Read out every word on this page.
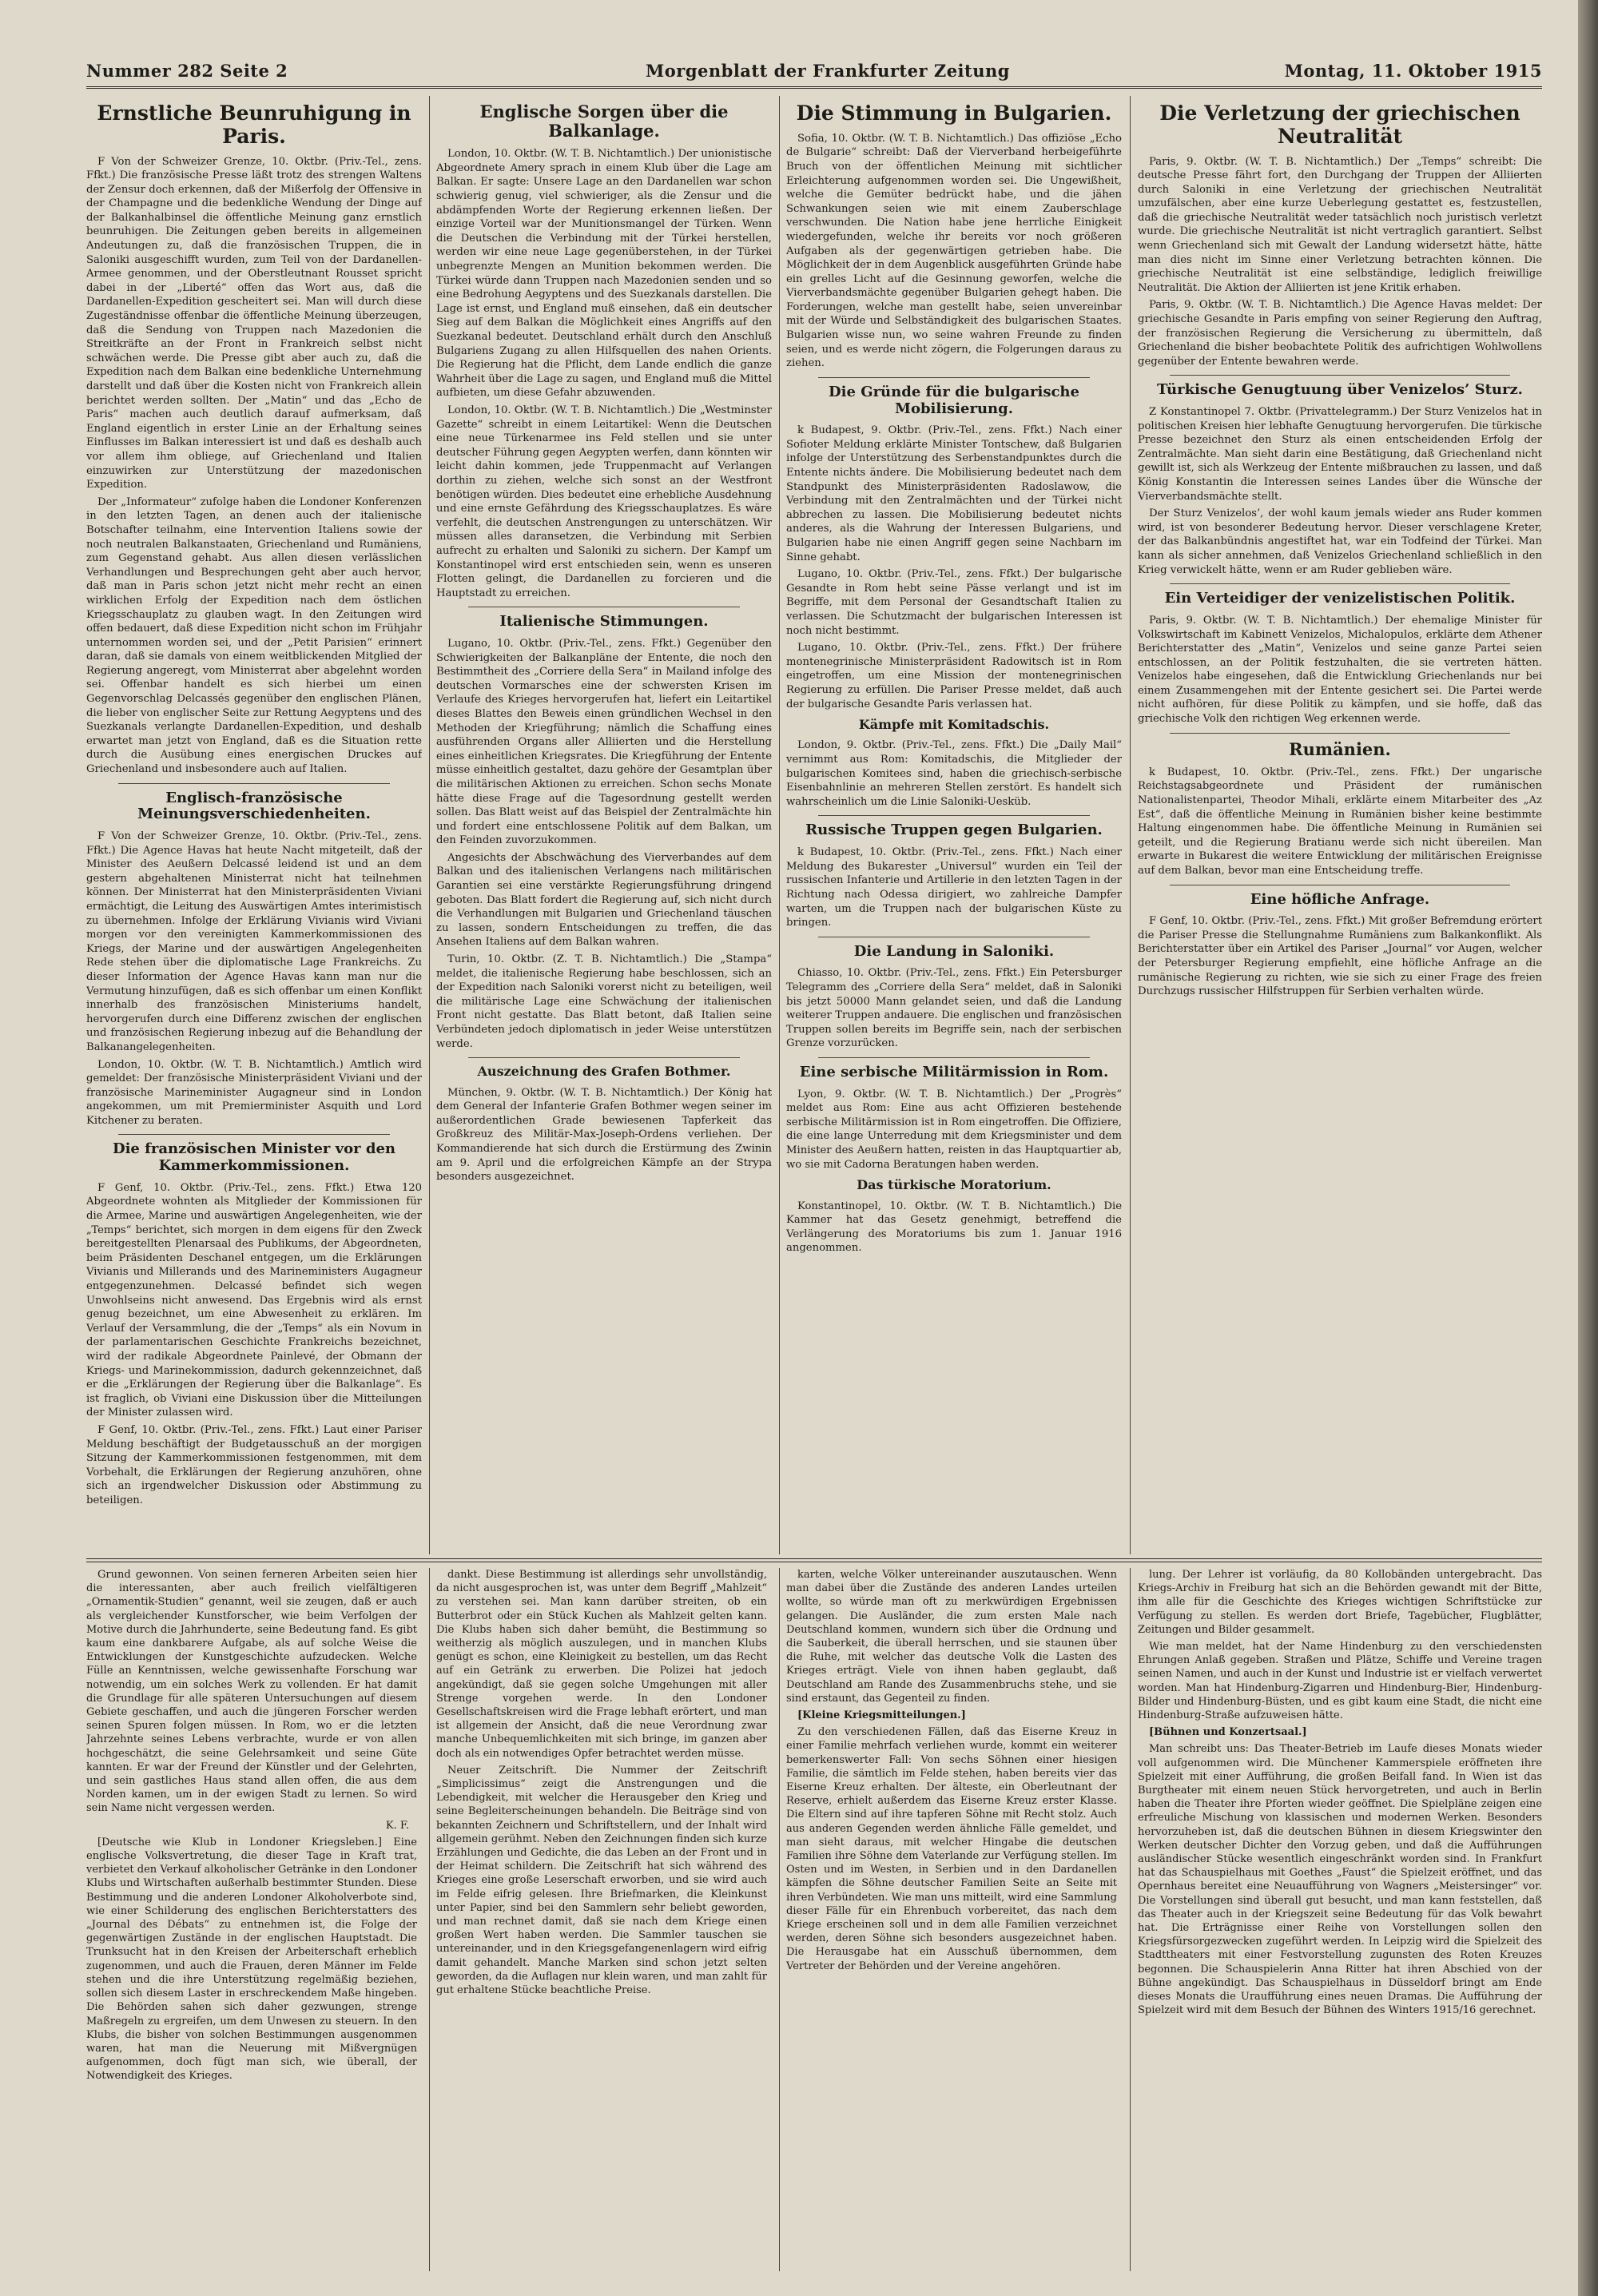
Nummer 282 Seite 2	Morgenblatt der Frankfurter Zeitung	Montag, 11. Oktober 1915
Ernstliche Beunruhigung in Paris.

F Von der Schweizer Grenze, 10. Oktbr. (Priv.-Tel., zens. Ffkt.) Die französische Presse läßt trotz des strengen Waltens der Zensur doch erkennen, daß der Mißerfolg der Offensive in der Champagne und die bedenkliche Wendung der Dinge auf der Balkanhalbinsel die öffentliche Meinung ganz ernstlich beunruhigen. Die Zeitungen geben bereits in allgemeinen Andeutungen zu, daß die französischen Truppen, die in Saloniki ausgeschifft wurden, zum Teil von der Dardanellen-Armee genommen, und der Oberstleutnant Rousset spricht dabei in der „Liberté“ offen das Wort aus, daß die Dardanellen-Expedition gescheitert sei. Man will durch diese Zugeständnisse offenbar die öffentliche Meinung überzeugen, daß die Sendung von Truppen nach Mazedonien die Streitkräfte an der Front in Frankreich selbst nicht schwächen werde. Die Presse gibt aber auch zu, daß die Expedition nach dem Balkan eine bedenkliche Unternehmung darstellt und daß über die Kosten nicht von Frankreich allein berichtet werden sollten. Der „Matin“ und das „Echo de Paris“ machen auch deutlich darauf aufmerksam, daß England eigentlich in erster Linie an der Erhaltung seines Einflusses im Balkan interessiert ist und daß es deshalb auch vor allem ihm obliege, auf Griechenland und Italien einzuwirken zur Unterstützung der mazedonischen Expedition.

Der „Informateur“ zufolge haben die Londoner Konferenzen in den letzten Tagen, an denen auch der italienische Botschafter teilnahm, eine Intervention Italiens sowie der noch neutralen Balkanstaaten, Griechenland und Rumäniens, zum Gegenstand gehabt. Aus allen diesen verlässlichen Verhandlungen und Besprechungen geht aber auch hervor, daß man in Paris schon jetzt nicht mehr recht an einen wirklichen Erfolg der Expedition nach dem östlichen Kriegsschauplatz zu glauben wagt. In den Zeitungen wird offen bedauert, daß diese Expedition nicht schon im Frühjahr unternommen worden sei, und der „Petit Parisien“ erinnert daran, daß sie damals von einem weitblickenden Mitglied der Regierung angeregt, vom Ministerrat aber abgelehnt worden sei. Offenbar handelt es sich hierbei um einen Gegenvorschlag Delcassés gegenüber den englischen Plänen, die lieber von englischer Seite zur Rettung Aegyptens und des Suezkanals verlangte Dardanellen-Expedition, und deshalb erwartet man jetzt von England, daß es die Situation rette durch die Ausübung eines energischen Druckes auf Griechenland und insbesondere auch auf Italien.

Englisch-französische Meinungsverschiedenheiten.

F Von der Schweizer Grenze, 10. Oktbr. (Priv.-Tel., zens. Ffkt.) Die Agence Havas hat heute Nacht mitgeteilt, daß der Minister des Aeußern Delcassé leidend ist und an dem gestern abgehaltenen Ministerrat nicht hat teilnehmen können. Der Ministerrat hat den Ministerpräsidenten Viviani ermächtigt, die Leitung des Auswärtigen Amtes interimistisch zu übernehmen. Infolge der Erklärung Vivianis wird Viviani morgen vor den vereinigten Kammerkommissionen des Kriegs, der Marine und der auswärtigen Angelegenheiten Rede stehen über die diplomatische Lage Frankreichs. Zu dieser Information der Agence Havas kann man nur die Vermutung hinzufügen, daß es sich offenbar um einen Konflikt innerhalb des französischen Ministeriums handelt, hervorgerufen durch eine Differenz zwischen der englischen und französischen Regierung inbezug auf die Behandlung der Balkanangelegenheiten.

London, 10. Oktbr. (W. T. B. Nichtamtlich.) Amtlich wird gemeldet: Der französische Ministerpräsident Viviani und der französische Marineminister Augagneur sind in London angekommen, um mit Premierminister Asquith und Lord Kitchener zu beraten.

Die französischen Minister vor den Kammerkommissionen.

F Genf, 10. Oktbr. (Priv.-Tel., zens. Ffkt.) Etwa 120 Abgeordnete wohnten als Mitglieder der Kommissionen für die Armee, Marine und auswärtigen Angelegenheiten, wie der „Temps“ berichtet, sich morgen in dem eigens für den Zweck bereitgestellten Plenarsaal des Publikums, der Abgeordneten, beim Präsidenten Deschanel entgegen, um die Erklärungen Vivianis und Millerands und des Marineministers Augagneur entgegenzunehmen. Delcassé befindet sich wegen Unwohlseins nicht anwesend. Das Ergebnis wird als ernst genug bezeichnet, um eine Abwesenheit zu erklären. Im Verlauf der Versammlung, die der „Temps“ als ein Novum in der parlamentarischen Geschichte Frankreichs bezeichnet, wird der radikale Abgeordnete Painlevé, der Obmann der Kriegs- und Marinekommission, dadurch gekennzeichnet, daß er die „Erklärungen der Regierung über die Balkanlage“. Es ist fraglich, ob Viviani eine Diskussion über die Mitteilungen der Minister zulassen wird.

F Genf, 10. Oktbr. (Priv.-Tel., zens. Ffkt.) Laut einer Pariser Meldung beschäftigt der Budgetausschuß an der morgigen Sitzung der Kammerkommissionen festgenommen, mit dem Vorbehalt, die Erklärungen der Regierung anzuhören, ohne sich an irgendwelcher Diskussion oder Abstimmung zu beteiligen.

Englische Sorgen über die Balkanlage.

London, 10. Oktbr. (W. T. B. Nichtamtlich.) Der unionistische Abgeordnete Amery sprach in einem Klub über die Lage am Balkan. Er sagte: Unsere Lage an den Dardanellen war schon schwierig genug, viel schwieriger, als die Zensur und die abdämpfenden Worte der Regierung erkennen ließen. Der einzige Vorteil war der Munitionsmangel der Türken. Wenn die Deutschen die Verbindung mit der Türkei herstellen, werden wir eine neue Lage gegenüberstehen, in der Türkei unbegrenzte Mengen an Munition bekommen werden. Die Türkei würde dann Truppen nach Mazedonien senden und so eine Bedrohung Aegyptens und des Suezkanals darstellen. Die Lage ist ernst, und England muß einsehen, daß ein deutscher Sieg auf dem Balkan die Möglichkeit eines Angriffs auf den Suezkanal bedeutet. Deutschland erhält durch den Anschluß Bulgariens Zugang zu allen Hilfsquellen des nahen Orients. Die Regierung hat die Pflicht, dem Lande endlich die ganze Wahrheit über die Lage zu sagen, und England muß die Mittel aufbieten, um diese Gefahr abzuwenden.

London, 10. Oktbr. (W. T. B. Nichtamtlich.) Die „Westminster Gazette“ schreibt in einem Leitartikel: Wenn die Deutschen eine neue Türkenarmee ins Feld stellen und sie unter deutscher Führung gegen Aegypten werfen, dann könnten wir leicht dahin kommen, jede Truppenmacht auf Verlangen dorthin zu ziehen, welche sich sonst an der Westfront benötigen würden. Dies bedeutet eine erhebliche Ausdehnung und eine ernste Gefährdung des Kriegsschauplatzes. Es wäre verfehlt, die deutschen Anstrengungen zu unterschätzen. Wir müssen alles daransetzen, die Verbindung mit Serbien aufrecht zu erhalten und Saloniki zu sichern. Der Kampf um Konstantinopel wird erst entschieden sein, wenn es unseren Flotten gelingt, die Dardanellen zu forcieren und die Hauptstadt zu erreichen.

Italienische Stimmungen.

Lugano, 10. Oktbr. (Priv.-Tel., zens. Ffkt.) Gegenüber den Schwierigkeiten der Balkanpläne der Entente, die noch den Bestimmtheit des „Corriere della Sera“ in Mailand infolge des deutschen Vormarsches eine der schwersten Krisen im Verlaufe des Krieges hervorgerufen hat, liefert ein Leitartikel dieses Blattes den Beweis einen gründlichen Wechsel in den Methoden der Kriegführung; nämlich die Schaffung eines ausführenden Organs aller Alliierten und die Herstellung eines einheitlichen Kriegsrates. Die Kriegführung der Entente müsse einheitlich gestaltet, dazu gehöre der Gesamtplan über die militärischen Aktionen zu erreichen. Schon sechs Monate hätte diese Frage auf die Tagesordnung gestellt werden sollen. Das Blatt weist auf das Beispiel der Zentralmächte hin und fordert eine entschlossene Politik auf dem Balkan, um den Feinden zuvorzukommen.

Angesichts der Abschwächung des Vierverbandes auf dem Balkan und des italienischen Verlangens nach militärischen Garantien sei eine verstärkte Regierungsführung dringend geboten. Das Blatt fordert die Regierung auf, sich nicht durch die Verhandlungen mit Bulgarien und Griechenland täuschen zu lassen, sondern Entscheidungen zu treffen, die das Ansehen Italiens auf dem Balkan wahren.

Turin, 10. Oktbr. (Z. T. B. Nichtamtlich.) Die „Stampa“ meldet, die italienische Regierung habe beschlossen, sich an der Expedition nach Saloniki vorerst nicht zu beteiligen, weil die militärische Lage eine Schwächung der italienischen Front nicht gestatte. Das Blatt betont, daß Italien seine Verbündeten jedoch diplomatisch in jeder Weise unterstützen werde.

Auszeichnung des Grafen Bothmer.

München, 9. Oktbr. (W. T. B. Nichtamtlich.) Der König hat dem General der Infanterie Grafen Bothmer wegen seiner im außerordentlichen Grade bewiesenen Tapferkeit das Großkreuz des Militär-Max-Joseph-Ordens verliehen. Der Kommandierende hat sich durch die Erstürmung des Zwinin am 9. April und die erfolgreichen Kämpfe an der Strypa besonders ausgezeichnet.

Die Stimmung in Bulgarien.

Sofia, 10. Oktbr. (W. T. B. Nichtamtlich.) Das offiziöse „Echo de Bulgarie“ schreibt: Daß der Vierverband herbeigeführte Bruch von der öffentlichen Meinung mit sichtlicher Erleichterung aufgenommen worden sei. Die Ungewißheit, welche die Gemüter bedrückt habe, und die jähen Schwankungen seien wie mit einem Zauberschlage verschwunden. Die Nation habe jene herrliche Einigkeit wiedergefunden, welche ihr bereits vor noch größeren Aufgaben als der gegenwärtigen getrieben habe. Die Möglichkeit der in dem Augenblick ausgeführten Gründe habe ein grelles Licht auf die Gesinnung geworfen, welche die Vierverbandsmächte gegenüber Bulgarien gehegt haben. Die Forderungen, welche man gestellt habe, seien unvereinbar mit der Würde und Selbständigkeit des bulgarischen Staates. Bulgarien wisse nun, wo seine wahren Freunde zu finden seien, und es werde nicht zögern, die Folgerungen daraus zu ziehen.

Die Gründe für die bulgarische Mobilisierung.

k Budapest, 9. Oktbr. (Priv.-Tel., zens. Ffkt.) Nach einer Sofioter Meldung erklärte Minister Tontschew, daß Bulgarien infolge der Unterstützung des Serbenstandpunktes durch die Entente nichts ändere. Die Mobilisierung bedeutet nach dem Standpunkt des Ministerpräsidenten Radoslawow, die Verbindung mit den Zentralmächten und der Türkei nicht abbrechen zu lassen. Die Mobilisierung bedeutet nichts anderes, als die Wahrung der Interessen Bulgariens, und Bulgarien habe nie einen Angriff gegen seine Nachbarn im Sinne gehabt.

Lugano, 10. Oktbr. (Priv.-Tel., zens. Ffkt.) Der bulgarische Gesandte in Rom hebt seine Pässe verlangt und ist im Begriffe, mit dem Personal der Gesandtschaft Italien zu verlassen. Die Schutzmacht der bulgarischen Interessen ist noch nicht bestimmt.

Lugano, 10. Oktbr. (Priv.-Tel., zens. Ffkt.) Der frühere montenegrinische Ministerpräsident Radowitsch ist in Rom eingetroffen, um eine Mission der montenegrinischen Regierung zu erfüllen. Die Pariser Presse meldet, daß auch der bulgarische Gesandte Paris verlassen hat.

Kämpfe mit Komitadschis.

London, 9. Oktbr. (Priv.-Tel., zens. Ffkt.) Die „Daily Mail“ vernimmt aus Rom: Komitadschis, die Mitglieder der bulgarischen Komitees sind, haben die griechisch-serbische Eisenbahnlinie an mehreren Stellen zerstört. Es handelt sich wahrscheinlich um die Linie Saloniki-Uesküb.

Russische Truppen gegen Bulgarien.

k Budapest, 10. Oktbr. (Priv.-Tel., zens. Ffkt.) Nach einer Meldung des Bukarester „Universul“ wurden ein Teil der russischen Infanterie und Artillerie in den letzten Tagen in der Richtung nach Odessa dirigiert, wo zahlreiche Dampfer warten, um die Truppen nach der bulgarischen Küste zu bringen.

Die Landung in Saloniki.

Chiasso, 10. Oktbr. (Priv.-Tel., zens. Ffkt.) Ein Petersburger Telegramm des „Corriere della Sera“ meldet, daß in Saloniki bis jetzt 50000 Mann gelandet seien, und daß die Landung weiterer Truppen andauere. Die englischen und französischen Truppen sollen bereits im Begriffe sein, nach der serbischen Grenze vorzurücken.

Eine serbische Militärmission in Rom.

Lyon, 9. Oktbr. (W. T. B. Nichtamtlich.) Der „Progrès“ meldet aus Rom: Eine aus acht Offizieren bestehende serbische Militärmission ist in Rom eingetroffen. Die Offiziere, die eine lange Unterredung mit dem Kriegsminister und dem Minister des Aeußern hatten, reisten in das Hauptquartier ab, wo sie mit Cadorna Beratungen haben werden.

Das türkische Moratorium.

Konstantinopel, 10. Oktbr. (W. T. B. Nichtamtlich.) Die Kammer hat das Gesetz genehmigt, betreffend die Verlängerung des Moratoriums bis zum 1. Januar 1916 angenommen.

Die Verletzung der griechischen Neutralität

Paris, 9. Oktbr. (W. T. B. Nichtamtlich.) Der „Temps“ schreibt: Die deutsche Presse fährt fort, den Durchgang der Truppen der Alliierten durch Saloniki in eine Verletzung der griechischen Neutralität umzufälschen, aber eine kurze Ueberlegung gestattet es, festzustellen, daß die griechische Neutralität weder tatsächlich noch juristisch verletzt wurde. Die griechische Neutralität ist nicht vertraglich garantiert. Selbst wenn Griechenland sich mit Gewalt der Landung widersetzt hätte, hätte man dies nicht im Sinne einer Verletzung betrachten können. Die griechische Neutralität ist eine selbständige, lediglich freiwillige Neutralität. Die Aktion der Alliierten ist jene Kritik erhaben.

Paris, 9. Oktbr. (W. T. B. Nichtamtlich.) Die Agence Havas meldet: Der griechische Gesandte in Paris empfing von seiner Regierung den Auftrag, der französischen Regierung die Versicherung zu übermitteln, daß Griechenland die bisher beobachtete Politik des aufrichtigen Wohlwollens gegenüber der Entente bewahren werde.

Türkische Genugtuung über Venizelos’ Sturz.

Z Konstantinopel 7. Oktbr. (Privattelegramm.) Der Sturz Venizelos hat in politischen Kreisen hier lebhafte Genugtuung hervorgerufen. Die türkische Presse bezeichnet den Sturz als einen entscheidenden Erfolg der Zentralmächte. Man sieht darin eine Bestätigung, daß Griechenland nicht gewillt ist, sich als Werkzeug der Entente mißbrauchen zu lassen, und daß König Konstantin die Interessen seines Landes über die Wünsche der Vierverbandsmächte stellt.

Der Sturz Venizelos’, der wohl kaum jemals wieder ans Ruder kommen wird, ist von besonderer Bedeutung hervor. Dieser verschlagene Kreter, der das Balkanbündnis angestiftet hat, war ein Todfeind der Türkei. Man kann als sicher annehmen, daß Venizelos Griechenland schließlich in den Krieg verwickelt hätte, wenn er am Ruder geblieben wäre.

Ein Verteidiger der venizelistischen Politik.

Paris, 9. Oktbr. (W. T. B. Nichtamtlich.) Der ehemalige Minister für Volkswirtschaft im Kabinett Venizelos, Michalopulos, erklärte dem Athener Berichterstatter des „Matin“, Venizelos und seine ganze Partei seien entschlossen, an der Politik festzuhalten, die sie vertreten hätten. Venizelos habe eingesehen, daß die Entwicklung Griechenlands nur bei einem Zusammengehen mit der Entente gesichert sei. Die Partei werde nicht aufhören, für diese Politik zu kämpfen, und sie hoffe, daß das griechische Volk den richtigen Weg erkennen werde.

Rumänien.

k Budapest, 10. Oktbr. (Priv.-Tel., zens. Ffkt.) Der ungarische Reichstagsabgeordnete und Präsident der rumänischen Nationalistenpartei, Theodor Mihali, erklärte einem Mitarbeiter des „Az Est“, daß die öffentliche Meinung in Rumänien bisher keine bestimmte Haltung eingenommen habe. Die öffentliche Meinung in Rumänien sei geteilt, und die Regierung Bratianu werde sich nicht übereilen. Man erwarte in Bukarest die weitere Entwicklung der militärischen Ereignisse auf dem Balkan, bevor man eine Entscheidung treffe.

Eine höfliche Anfrage.

F Genf, 10. Oktbr. (Priv.-Tel., zens. Ffkt.) Mit großer Befremdung erörtert die Pariser Presse die Stellungnahme Rumäniens zum Balkankonflikt. Als Berichterstatter über ein Artikel des Pariser „Journal“ vor Augen, welcher der Petersburger Regierung empfiehlt, eine höfliche Anfrage an die rumänische Regierung zu richten, wie sie sich zu einer Frage des freien Durchzugs russischer Hilfstruppen für Serbien verhalten würde.

Grund gewonnen. Von seinen ferneren Arbeiten seien hier die interessanten, aber auch freilich vielfältigeren „Ornamentik-Studien“ genannt, weil sie zeugen, daß er auch als vergleichender Kunstforscher, wie beim Verfolgen der Motive durch die Jahrhunderte, seine Bedeutung fand. Es gibt kaum eine dankbarere Aufgabe, als auf solche Weise die Entwicklungen der Kunstgeschichte aufzudecken. Welche Fülle an Kenntnissen, welche gewissenhafte Forschung war notwendig, um ein solches Werk zu vollenden. Er hat damit die Grundlage für alle späteren Untersuchungen auf diesem Gebiete geschaffen, und auch die jüngeren Forscher werden seinen Spuren folgen müssen. In Rom, wo er die letzten Jahrzehnte seines Lebens verbrachte, wurde er von allen hochgeschätzt, die seine Gelehrsamkeit und seine Güte kannten. Er war der Freund der Künstler und der Gelehrten, und sein gastliches Haus stand allen offen, die aus dem Norden kamen, um in der ewigen Stadt zu lernen. So wird sein Name nicht vergessen werden.

K. F.

[Deutsche wie Klub in Londoner Kriegsleben.] Eine englische Volksvertretung, die dieser Tage in Kraft trat, verbietet den Verkauf alkoholischer Getränke in den Londoner Klubs und Wirtschaften außerhalb bestimmter Stunden. Diese Bestimmung und die anderen Londoner Alkoholverbote sind, wie einer Schilderung des englischen Berichterstatters des „Journal des Débats“ zu entnehmen ist, die Folge der gegenwärtigen Zustände in der englischen Hauptstadt. Die Trunksucht hat in den Kreisen der Arbeiterschaft erheblich zugenommen, und auch die Frauen, deren Männer im Felde stehen und die ihre Unterstützung regelmäßig beziehen, sollen sich diesem Laster in erschreckendem Maße hingeben. Die Behörden sahen sich daher gezwungen, strenge Maßregeln zu ergreifen, um dem Unwesen zu steuern. In den Klubs, die bisher von solchen Bestimmungen ausgenommen waren, hat man die Neuerung mit Mißvergnügen aufgenommen, doch fügt man sich, wie überall, der Notwendigkeit des Krieges.

dankt. Diese Bestimmung ist allerdings sehr unvollständig, da nicht ausgesprochen ist, was unter dem Begriff „Mahlzeit“ zu verstehen sei. Man kann darüber streiten, ob ein Butterbrot oder ein Stück Kuchen als Mahlzeit gelten kann. Die Klubs haben sich daher bemüht, die Bestimmung so weitherzig als möglich auszulegen, und in manchen Klubs genügt es schon, eine Kleinigkeit zu bestellen, um das Recht auf ein Getränk zu erwerben. Die Polizei hat jedoch angekündigt, daß sie gegen solche Umgehungen mit aller Strenge vorgehen werde. In den Londoner Gesellschaftskreisen wird die Frage lebhaft erörtert, und man ist allgemein der Ansicht, daß die neue Verordnung zwar manche Unbequemlichkeiten mit sich bringe, im ganzen aber doch als ein notwendiges Opfer betrachtet werden müsse.

Neuer Zeitschrift. Die Nummer der Zeitschrift „Simplicissimus“ zeigt die Anstrengungen und die Lebendigkeit, mit welcher die Herausgeber den Krieg und seine Begleiterscheinungen behandeln. Die Beiträge sind von bekannten Zeichnern und Schriftstellern, und der Inhalt wird allgemein gerühmt. Neben den Zeichnungen finden sich kurze Erzählungen und Gedichte, die das Leben an der Front und in der Heimat schildern. Die Zeitschrift hat sich während des Krieges eine große Leserschaft erworben, und sie wird auch im Felde eifrig gelesen. Ihre Briefmarken, die Kleinkunst unter Papier, sind bei den Sammlern sehr beliebt geworden, und man rechnet damit, daß sie nach dem Kriege einen großen Wert haben werden. Die Sammler tauschen sie untereinander, und in den Kriegsgefangenenlagern wird eifrig damit gehandelt. Manche Marken sind schon jetzt selten geworden, da die Auflagen nur klein waren, und man zahlt für gut erhaltene Stücke beachtliche Preise.

karten, welche Völker untereinander auszutauschen. Wenn man dabei über die Zustände des anderen Landes urteilen wollte, so würde man oft zu merkwürdigen Ergebnissen gelangen. Die Ausländer, die zum ersten Male nach Deutschland kommen, wundern sich über die Ordnung und die Sauberkeit, die überall herrschen, und sie staunen über die Ruhe, mit welcher das deutsche Volk die Lasten des Krieges erträgt. Viele von ihnen haben geglaubt, daß Deutschland am Rande des Zusammenbruchs stehe, und sie sind erstaunt, das Gegenteil zu finden.

[Kleine Kriegsmitteilungen.]

Zu den verschiedenen Fällen, daß das Eiserne Kreuz in einer Familie mehrfach verliehen wurde, kommt ein weiterer bemerkenswerter Fall: Von sechs Söhnen einer hiesigen Familie, die sämtlich im Felde stehen, haben bereits vier das Eiserne Kreuz erhalten. Der älteste, ein Oberleutnant der Reserve, erhielt außerdem das Eiserne Kreuz erster Klasse. Die Eltern sind auf ihre tapferen Söhne mit Recht stolz. Auch aus anderen Gegenden werden ähnliche Fälle gemeldet, und man sieht daraus, mit welcher Hingabe die deutschen Familien ihre Söhne dem Vaterlande zur Verfügung stellen. Im Osten und im Westen, in Serbien und in den Dardanellen kämpfen die Söhne deutscher Familien Seite an Seite mit ihren Verbündeten. Wie man uns mitteilt, wird eine Sammlung dieser Fälle für ein Ehrenbuch vorbereitet, das nach dem Kriege erscheinen soll und in dem alle Familien verzeichnet werden, deren Söhne sich besonders ausgezeichnet haben. Die Herausgabe hat ein Ausschuß übernommen, dem Vertreter der Behörden und der Vereine angehören.

lung. Der Lehrer ist vorläufig, da 80 Kollobänden untergebracht. Das Kriegs-Archiv in Freiburg hat sich an die Behörden gewandt mit der Bitte, ihm alle für die Geschichte des Krieges wichtigen Schriftstücke zur Verfügung zu stellen. Es werden dort Briefe, Tagebücher, Flugblätter, Zeitungen und Bilder gesammelt.

Wie man meldet, hat der Name Hindenburg zu den verschiedensten Ehrungen Anlaß gegeben. Straßen und Plätze, Schiffe und Vereine tragen seinen Namen, und auch in der Kunst und Industrie ist er vielfach verwertet worden. Man hat Hindenburg-Zigarren und Hindenburg-Bier, Hindenburg-Bilder und Hindenburg-Büsten, und es gibt kaum eine Stadt, die nicht eine Hindenburg-Straße aufzuweisen hätte.

[Bühnen und Konzertsaal.]

Man schreibt uns: Das Theater-Betrieb im Laufe dieses Monats wieder voll aufgenommen wird. Die Münchener Kammerspiele eröffneten ihre Spielzeit mit einer Aufführung, die großen Beifall fand. In Wien ist das Burgtheater mit einem neuen Stück hervorgetreten, und auch in Berlin haben die Theater ihre Pforten wieder geöffnet. Die Spielpläne zeigen eine erfreuliche Mischung von klassischen und modernen Werken. Besonders hervorzuheben ist, daß die deutschen Bühnen in diesem Kriegswinter den Werken deutscher Dichter den Vorzug geben, und daß die Aufführungen ausländischer Stücke wesentlich eingeschränkt worden sind. In Frankfurt hat das Schauspielhaus mit Goethes „Faust“ die Spielzeit eröffnet, und das Opernhaus bereitet eine Neuaufführung von Wagners „Meistersinger“ vor. Die Vorstellungen sind überall gut besucht, und man kann feststellen, daß das Theater auch in der Kriegszeit seine Bedeutung für das Volk bewahrt hat. Die Erträgnisse einer Reihe von Vorstellungen sollen den Kriegsfürsorgezwecken zugeführt werden. In Leipzig wird die Spielzeit des Stadttheaters mit einer Festvorstellung zugunsten des Roten Kreuzes begonnen. Die Schauspielerin Anna Ritter hat ihren Abschied von der Bühne angekündigt. Das Schauspielhaus in Düsseldorf bringt am Ende dieses Monats die Uraufführung eines neuen Dramas. Die Aufführung der Spielzeit wird mit dem Besuch der Bühnen des Winters 1915/16 gerechnet.
